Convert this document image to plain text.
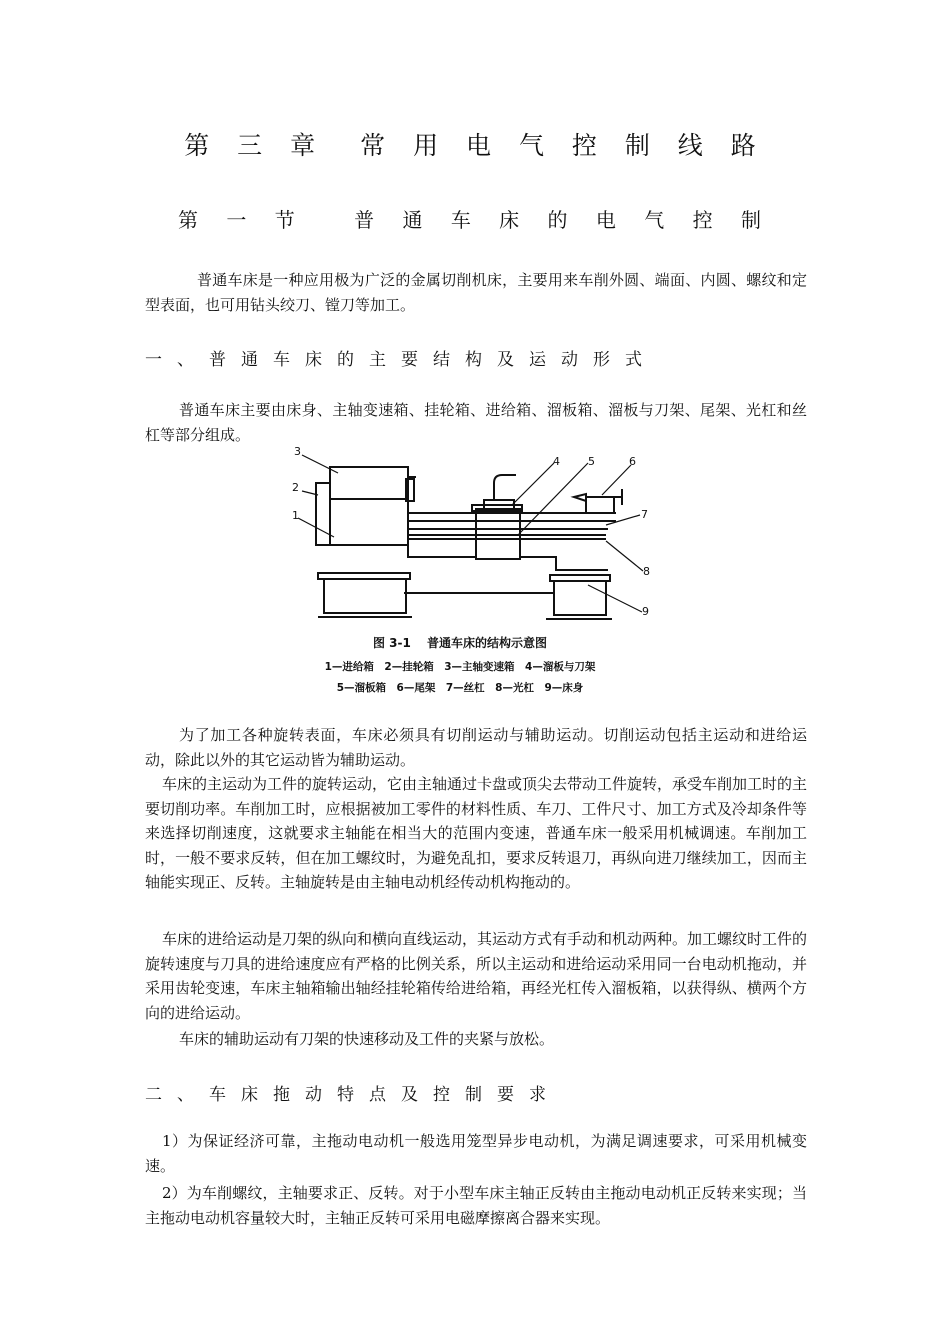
第 三 章　常 用 电 气 控 制 线 路
第 一 节　 普 通 车 床 的 电 气 控 制

普通车床是一种应用极为广泛的金属切削机床，主要用来车削外圆、端面、内圆、螺纹和定型表面，也可用钻头绞刀、镗刀等加工。

一、普通车床的主要结构及运动形式

普通车床主要由床身、主轴变速箱、挂轮箱、进给箱、溜板箱、溜板与刀架、尾架、光杠和丝杠等部分组成。

3
2
1
4	5	6
7
8
9
图 3-1　 普通车床的结构示意图
1—进给箱　2—挂轮箱　3—主轴变速箱　4—溜板与刀架
5—溜板箱　6—尾架　7—丝杠　8—光杠　9—床身

为了加工各种旋转表面，车床必须具有切削运动与辅助运动。切削运动包括主运动和进给运动，除此以外的其它运动皆为辅助运动。

车床的主运动为工件的旋转运动，它由主轴通过卡盘或顶尖去带动工件旋转，承受车削加工时的主要切削功率。车削加工时，应根据被加工零件的材料性质、车刀、工件尺寸、加工方式及冷却条件等来选择切削速度，这就要求主轴能在相当大的范围内变速，普通车床一般采用机械调速。车削加工时，一般不要求反转，但在加工螺纹时，为避免乱扣，要求反转退刀，再纵向进刀继续加工，因而主轴能实现正、反转。主轴旋转是由主轴电动机经传动机构拖动的。

车床的进给运动是刀架的纵向和横向直线运动，其运动方式有手动和机动两种。加工螺纹时工件的旋转速度与刀具的进给速度应有严格的比例关系，所以主运动和进给运动采用同一台电动机拖动，并采用齿轮变速，车床主轴箱输出轴经挂轮箱传给进给箱，再经光杠传入溜板箱，以获得纵、横两个方向的进给运动。

车床的辅助运动有刀架的快速移动及工件的夹紧与放松。

二、车床拖动特点及控制要求

1）为保证经济可靠，主拖动电动机一般选用笼型异步电动机，为满足调速要求，可采用机械变速。

2）为车削螺纹，主轴要求正、反转。对于小型车床主轴正反转由主拖动电动机正反转来实现；当主拖动电动机容量较大时，主轴正反转可采用电磁摩擦离合器来实现。
